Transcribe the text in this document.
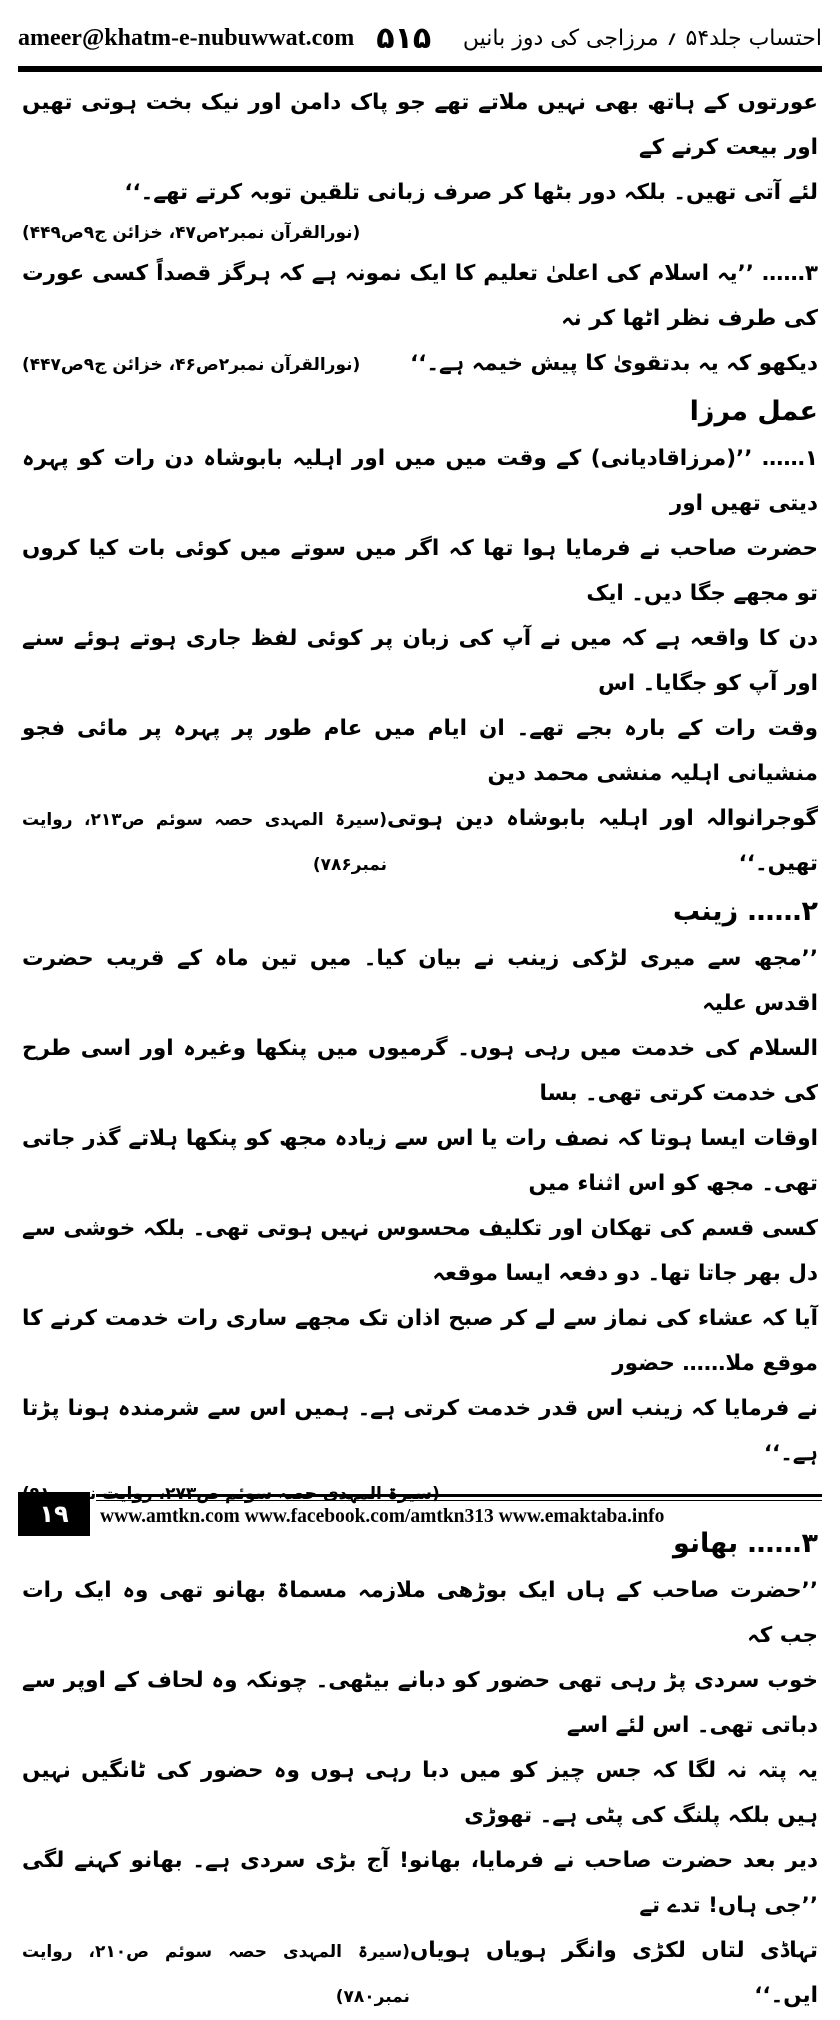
ameer@khatm-e-nubuwwat.com ۵۱۵ احتساب جلد۵۴ ؍ مرزاجی کی دوز بانیں

عورتوں کے ہاتھ بھی نہیں ملاتے تھے جو پاک دامن اور نیک بخت ہوتی تھیں اور بیعت کرنے کے

لئے آتی تھیں۔ بلکہ دور بٹھا کر صرف زبانی تلقین توبہ کرتے تھے۔‘‘

(نورالقرآن نمبر۲ص۴۷، خزائن ج۹ص۴۴۹)

۳…… ’’یہ اسلام کی اعلیٰ تعلیم کا ایک نمونہ ہے کہ ہرگز قصداً کسی عورت کی طرف نظر اٹھا کر نہ

دیکھو کہ یہ بدتقویٰ کا پیش خیمہ ہے۔‘‘
(نورالقرآن نمبر۲ص۴۶، خزائن ج۹ص۴۴۷)
عمل مرزا

۱…… ’’(مرزاقادیانی) کے وقت میں میں اور اہلیہ بابوشاہ دن رات کو پہرہ دیتی تھیں اور

حضرت صاحب نے فرمایا ہوا تھا کہ اگر میں سوتے میں کوئی بات کیا کروں تو مجھے جگا دیں۔ ایک

دن کا واقعہ ہے کہ میں نے آپ کی زبان پر کوئی لفظ جاری ہوتے ہوئے سنے اور آپ کو جگایا۔ اس

وقت رات کے بارہ بجے تھے۔ ان ایام میں عام طور پر پہرہ پر مائی فجو منشیانی اہلیہ منشی محمد دین

گوجرانوالہ اور اہلیہ بابوشاہ دین ہوتی تھیں۔‘‘
(سیرۃ المہدی حصہ سوئم ص۲۱۳، روایت نمبر۷۸۶)
۲…… زینب

’’مجھ سے میری لڑکی زینب نے بیان کیا۔ میں تین ماہ کے قریب حضرت اقدس علیہ

السلام کی خدمت میں رہی ہوں۔ گرمیوں میں پنکھا وغیرہ اور اسی طرح کی خدمت کرتی تھی۔ بسا

اوقات ایسا ہوتا کہ نصف رات یا اس سے زیادہ مجھ کو پنکھا ہلاتے گذر جاتی تھی۔ مجھ کو اس اثناء میں

کسی قسم کی تھکان اور تکلیف محسوس نہیں ہوتی تھی۔ بلکہ خوشی سے دل بھر جاتا تھا۔ دو دفعہ ایسا موقعہ

آیا کہ عشاء کی نماز سے لے کر صبح اذان تک مجھے ساری رات خدمت کرنے کا موقع ملا…… حضور

نے فرمایا کہ زینب اس قدر خدمت کرتی ہے۔ ہمیں اس سے شرمندہ ہونا پڑتا ہے۔‘‘

۳…… بھانو

’’حضرت صاحب کے ہاں ایک بوڑھی ملازمہ مسماۃ بھانو تھی وہ ایک رات جب کہ

خوب سردی پڑ رہی تھی حضور کو دبانے بیٹھی۔ چونکہ وہ لحاف کے اوپر سے دباتی تھی۔ اس لئے اسے

یہ پتہ نہ لگا کہ جس چیز کو میں دبا رہی ہوں وہ حضور کی ٹانگیں نہیں ہیں بلکہ پلنگ کی پٹی ہے۔ تھوڑی

دیر بعد حضرت صاحب نے فرمایا، بھانو! آج بڑی سردی ہے۔ بھانو کہنے لگی ’’جی ہاں! تدے تے

تہاڈی لتاں لکڑی وانگر ہویاں ہویاں ایں۔‘‘
(سیرۃ المہدی حصہ سوئم ص۲۱۰، روایت نمبر۷۸۰)
۱۹	www.amtkn.com www.facebook.com/amtkn313 www.emaktaba.info
